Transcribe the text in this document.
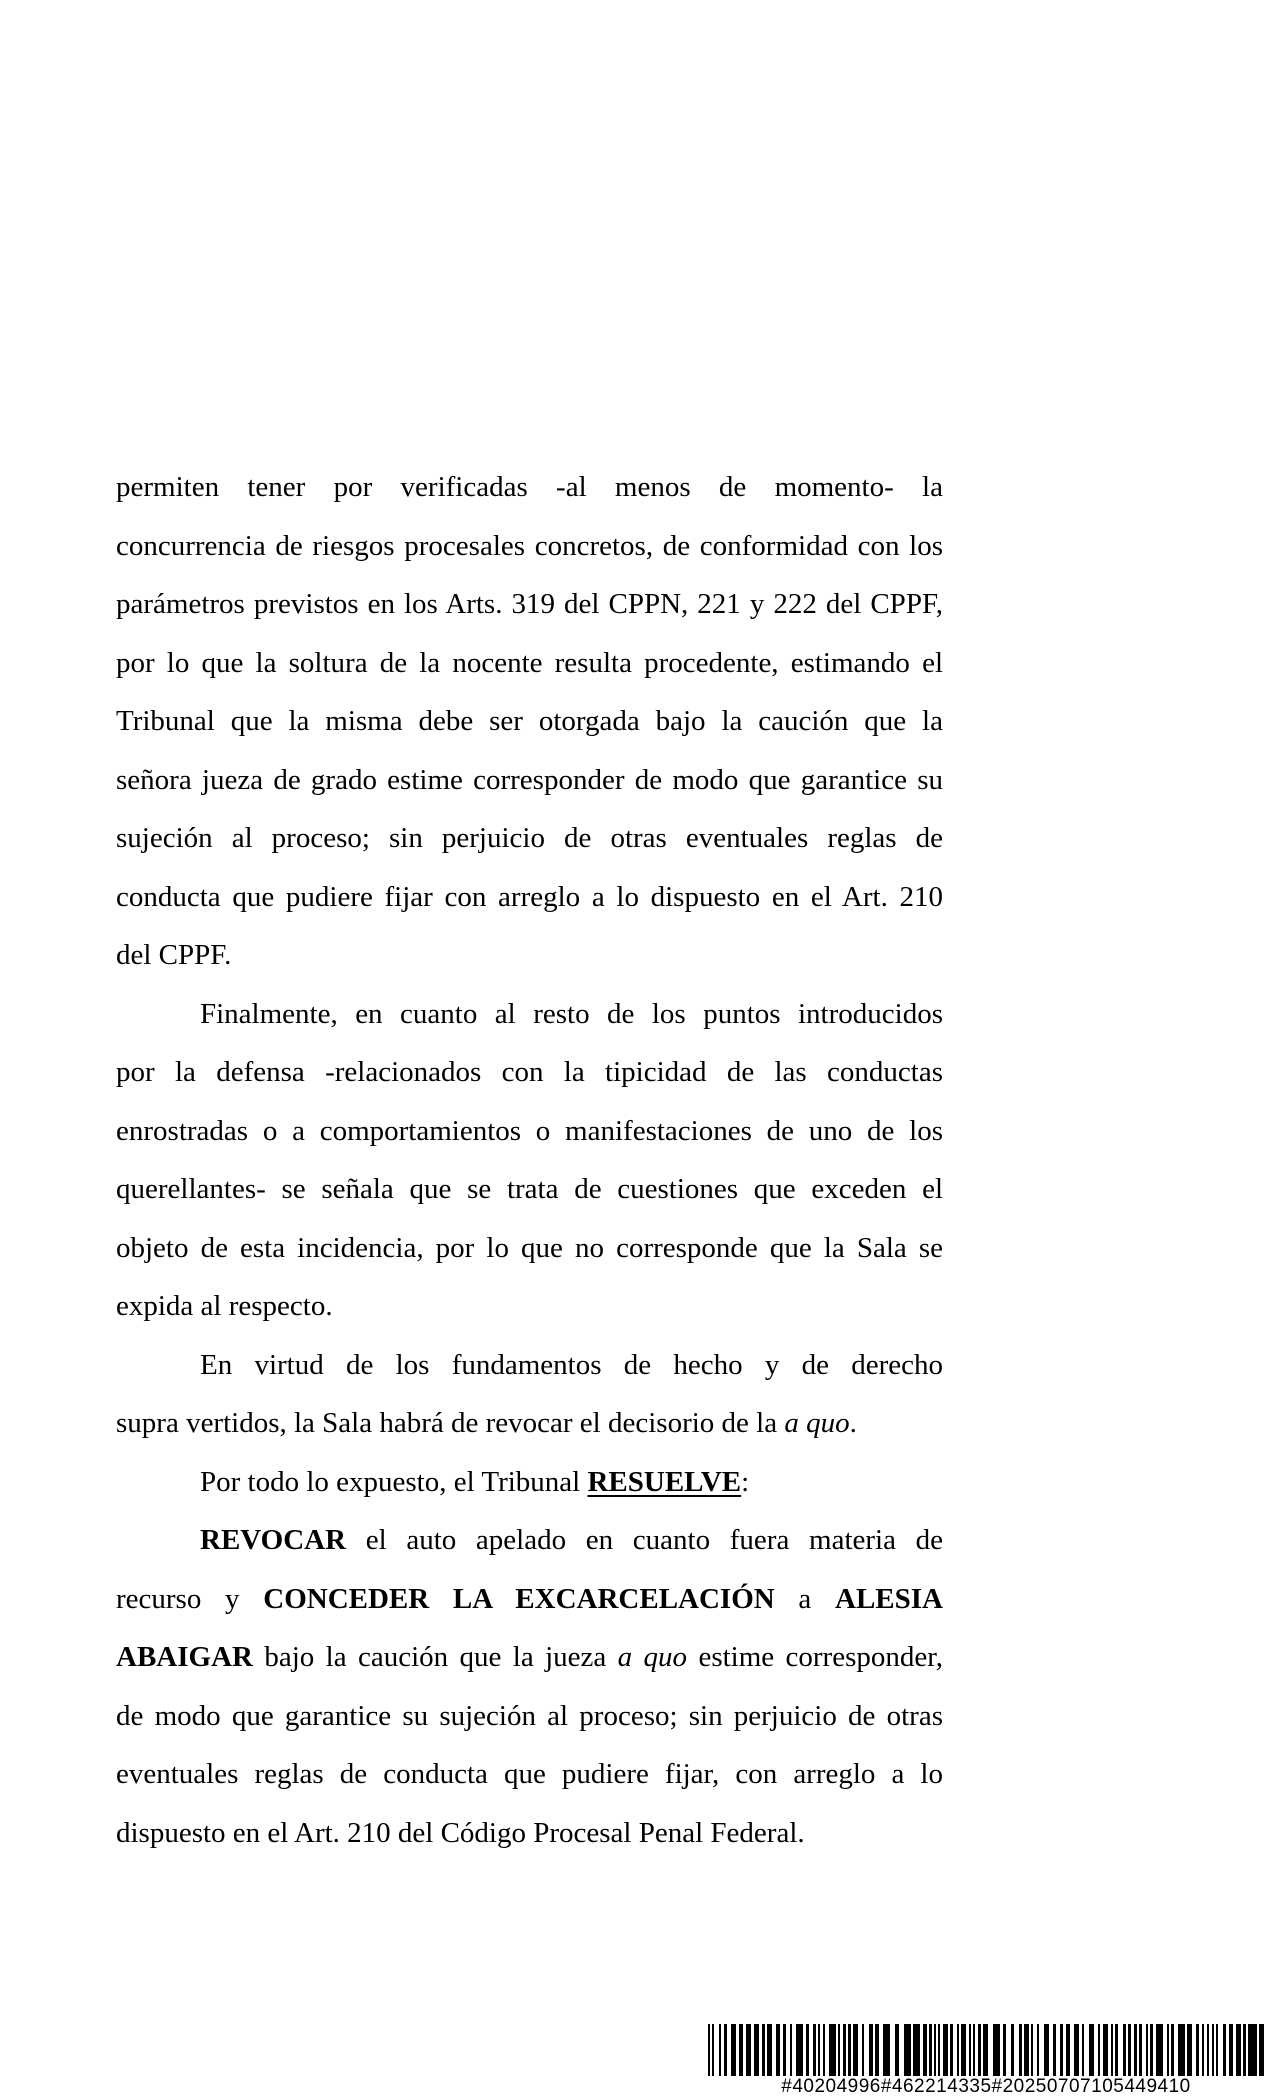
permiten tener por verificadas -al menos de momento- la
concurrencia de riesgos procesales concretos, de conformidad con los
parámetros previstos en los Arts. 319 del CPPN, 221 y 222 del CPPF,
por lo que la soltura de la nocente resulta procedente, estimando el
Tribunal que la misma debe ser otorgada bajo la caución que la
señora jueza de grado estime corresponder de modo que garantice su
sujeción al proceso; sin perjuicio de otras eventuales reglas de
conducta que pudiere fijar con arreglo a lo dispuesto en el Art. 210
del CPPF.
Finalmente, en cuanto al resto de los puntos introducidos
por la defensa -relacionados con la tipicidad de las conductas
enrostradas o a comportamientos o manifestaciones de uno de los
querellantes- se señala que se trata de cuestiones que exceden el
objeto de esta incidencia, por lo que no corresponde que la Sala se
expida al respecto.
En virtud de los fundamentos de hecho y de derecho
supra vertidos, la Sala habrá de revocar el decisorio de la a quo.
Por todo lo expuesto, el Tribunal RESUELVE:
REVOCAR el auto apelado en cuanto fuera materia de
recurso y CONCEDER LA EXCARCELACIÓN a ALESIA
ABAIGAR bajo la caución que la jueza a quo estime corresponder,
de modo que garantice su sujeción al proceso; sin perjuicio de otras
eventuales reglas de conducta que pudiere fijar, con arreglo a lo
dispuesto en el Art. 210 del Código Procesal Penal Federal.
#40204996#462214335#20250707105449410
